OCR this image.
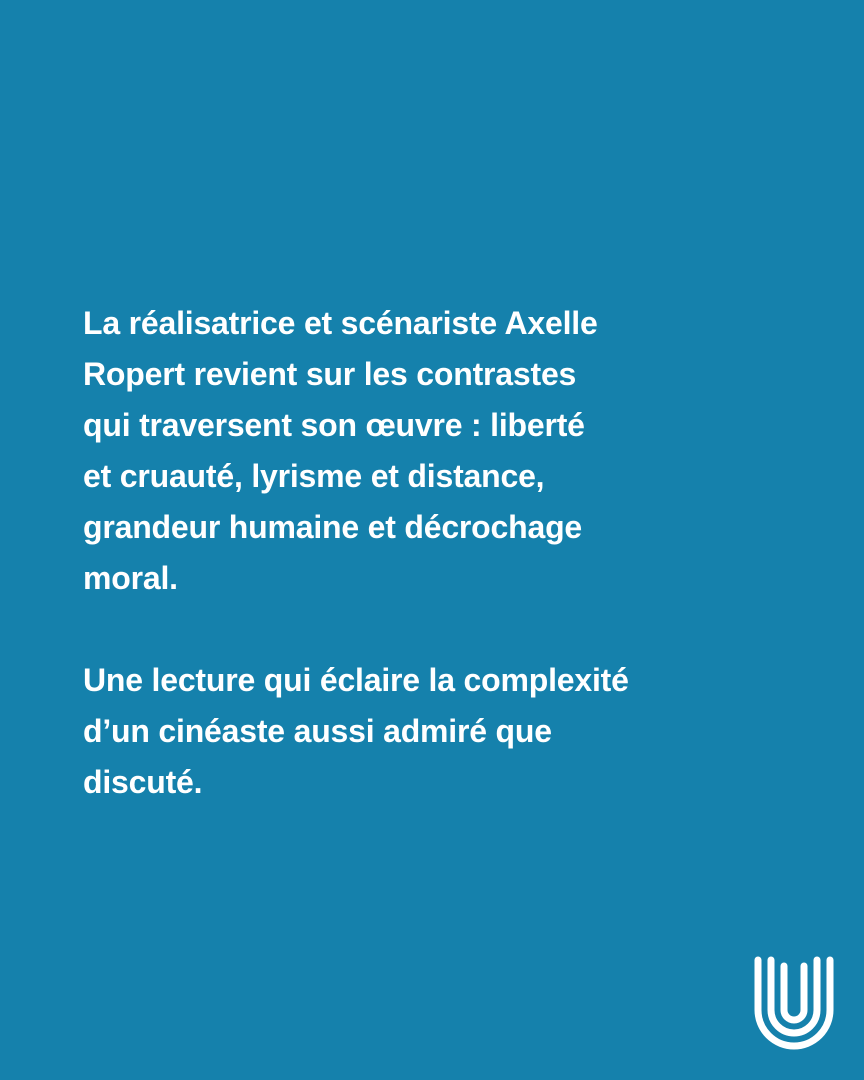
La réalisatrice et scénariste Axelle
Ropert revient sur les contrastes
qui traversent son œuvre : liberté
et cruauté, lyrisme et distance,
grandeur humaine et décrochage
moral.
Une lecture qui éclaire la complexité
d’un cinéaste aussi admiré que
discuté.
